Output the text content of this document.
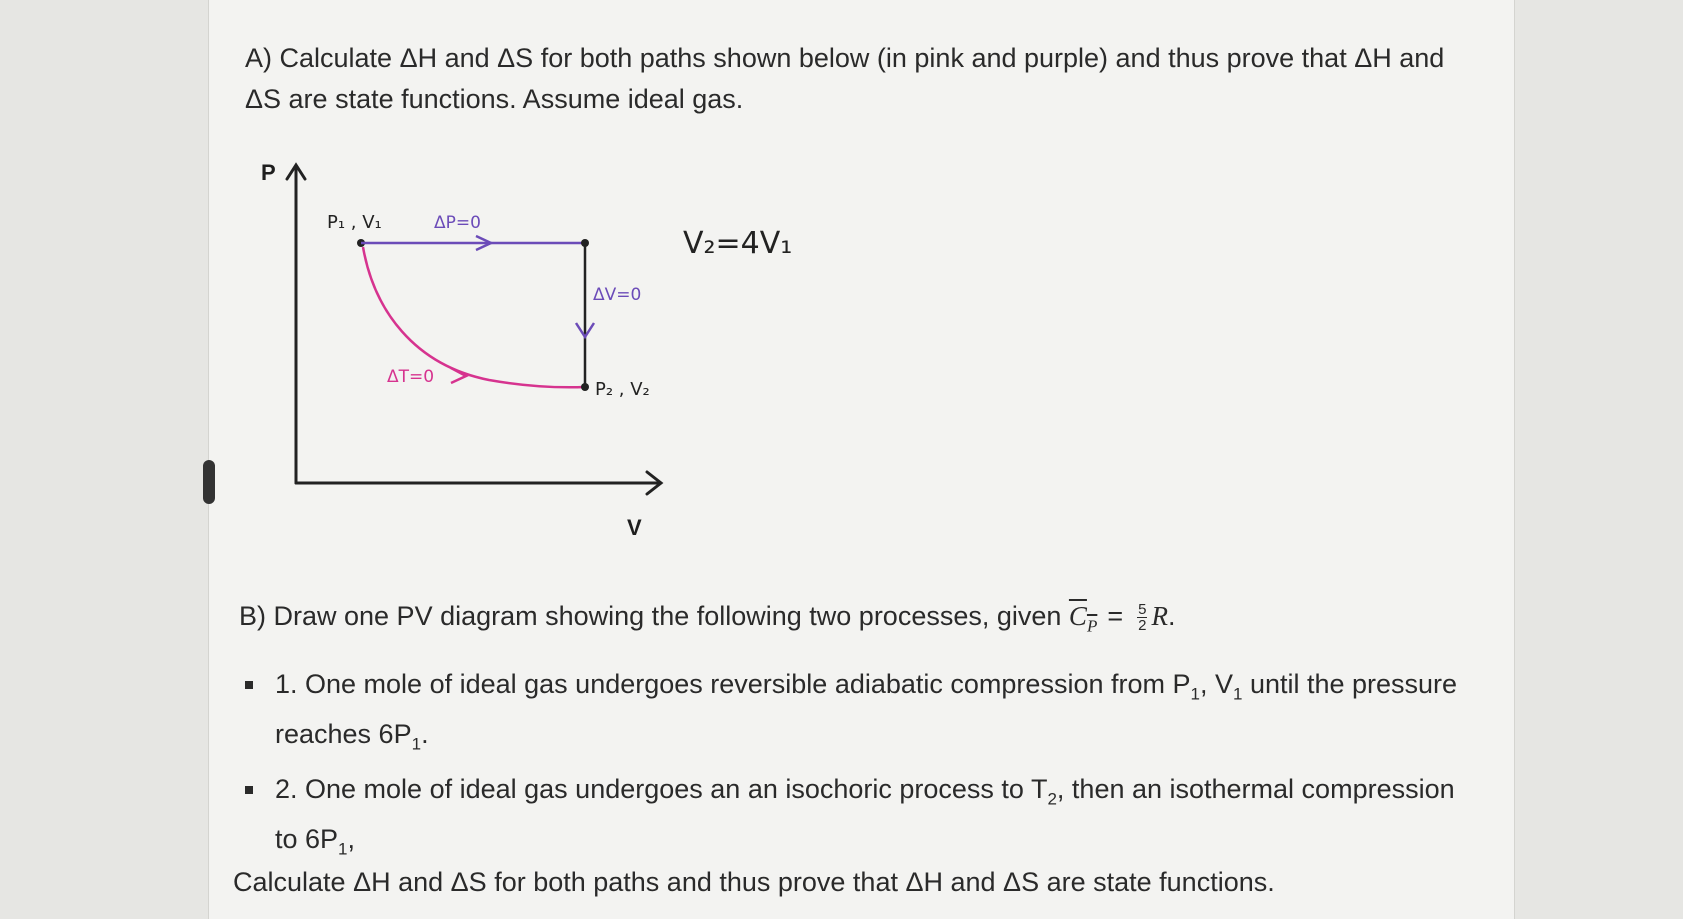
A) Calculate ΔH and ΔS for both paths shown below (in pink and purple) and thus prove that ΔH and ΔS are state functions. Assume ideal gas.

P
V
P₁ , V₁	ΔP=0
ΔV=0
ΔT=0
P₂ , V₂
V₂=4V₁

B) Draw one PV diagram showing the following two processes, given $C_P = \frac{5}{2} R$.

1. One mole of ideal gas undergoes reversible adiabatic compression from $P_1$, $V_1$ until the pressure reaches $6P_1$.
2. One mole of ideal gas undergoes an an isochoric process to $T_2$, then an isothermal compression to $6P_1$,

Calculate ΔH and ΔS for both paths and thus prove that ΔH and ΔS are state functions.
